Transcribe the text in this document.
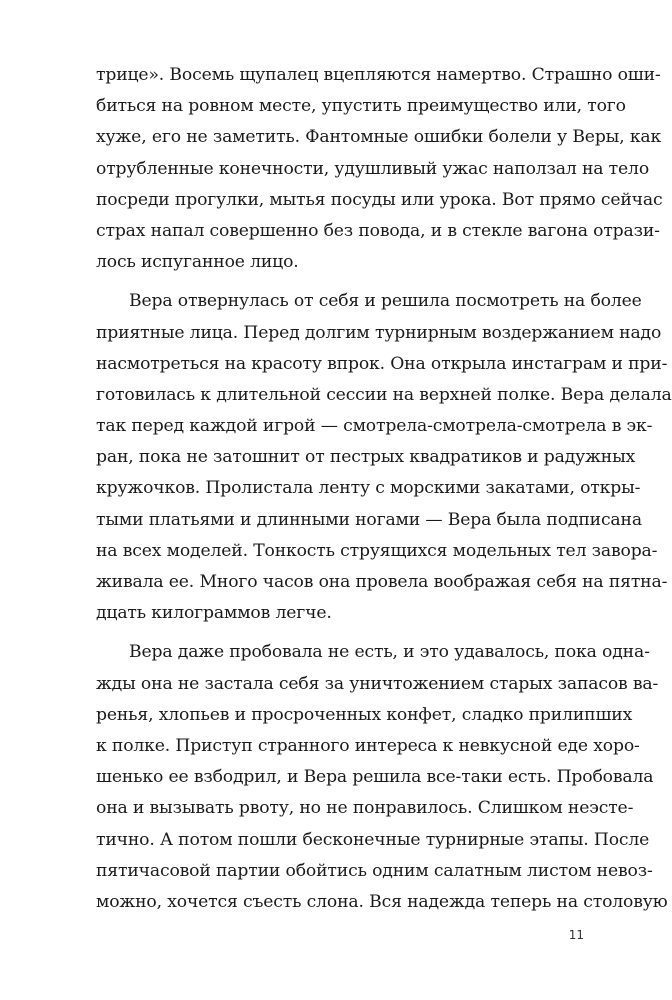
трице». Восемь щупалец вцепляются намертво. Страшно оши-
биться на ровном месте, упустить преимущество или, того
хуже, его не заметить. Фантомные ошибки болели у Веры, как
отрубленные конечности, удушливый ужас наползал на тело
посреди прогулки, мытья посуды или урока. Вот прямо сейчас
страх напал совершенно без повода, и в стекле вагона отрази-
лось испуганное лицо.
Вера отвернулась от себя и решила посмотреть на более
приятные лица. Перед долгим турнирным воздержанием надо
насмотреться на красоту впрок. Она открыла инстаграм и при-
готовилась к длительной сессии на верхней полке. Вера делала
так перед каждой игрой — смотрела-смотрела-смотрела в эк-
ран, пока не затошнит от пестрых квадратиков и радужных
кружочков. Пролистала ленту с морскими закатами, откры-
тыми платьями и длинными ногами — Вера была подписана
на всех моделей. Тонкость струящихся модельных тел завора-
живала ее. Много часов она провела воображая себя на пятна-
дцать килограммов легче.
Вера даже пробовала не есть, и это удавалось, пока одна-
жды она не застала себя за уничтожением старых запасов ва-
ренья, хлопьев и просроченных конфет, сладко прилипших
к полке. Приступ странного интереса к невкусной еде хоро-
шенько ее взбодрил, и Вера решила все-таки есть. Пробовала
она и вызывать рвоту, но не понравилось. Слишком неэсте-
тично. А потом пошли бесконечные турнирные этапы. После
пятичасовой партии обойтись одним салатным листом невоз-
можно, хочется съесть слона. Вся надежда теперь на столовую
11
